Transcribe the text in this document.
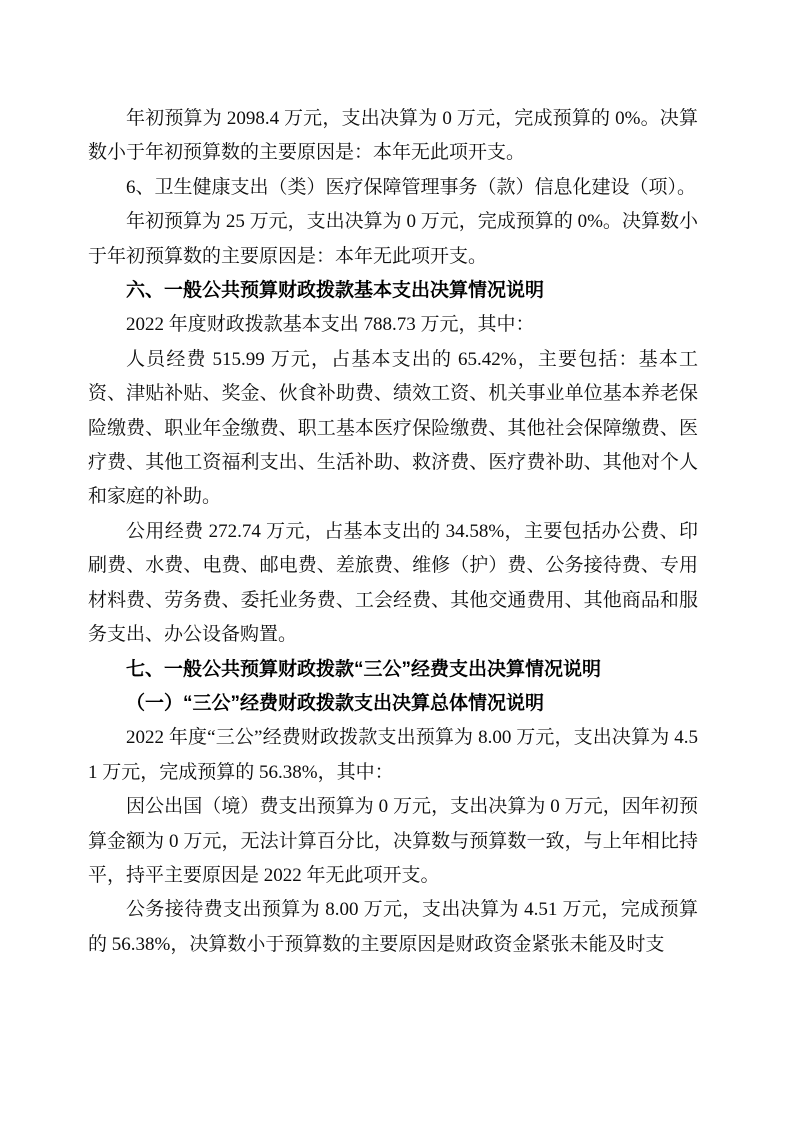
年初预算为 2098.4 万元，支出决算为 0 万元，完成预算的 0%。决算数小于年初预算数的主要原因是：本年无此项开支。

6、卫生健康支出（类）医疗保障管理事务（款）信息化建设（项）。

年初预算为 25 万元，支出决算为 0 万元，完成预算的 0%。决算数小于年初预算数的主要原因是：本年无此项开支。

六、一般公共预算财政拨款基本支出决算情况说明

2022 年度财政拨款基本支出 788.73 万元，其中：

人员经费 515.99 万元，占基本支出的 65.42%，主要包括：基本工资、津贴补贴、奖金、伙食补助费、绩效工资、机关事业单位基本养老保险缴费、职业年金缴费、职工基本医疗保险缴费、其他社会保障缴费、医疗费、其他工资福利支出、生活补助、救济费、医疗费补助、其他对个人和家庭的补助。

公用经费 272.74 万元，占基本支出的 34.58%，主要包括办公费、印刷费、水费、电费、邮电费、差旅费、维修（护）费、公务接待费、专用材料费、劳务费、委托业务费、工会经费、其他交通费用、其他商品和服务支出、办公设备购置。

七、一般公共预算财政拨款“三公”经费支出决算情况说明

（一）“三公”经费财政拨款支出决算总体情况说明

2022 年度“三公”经费财政拨款支出预算为 8.00 万元，支出决算为 4.51 万元，完成预算的 56.38%，其中：

因公出国（境）费支出预算为 0 万元，支出决算为 0 万元，因年初预算金额为 0 万元，无法计算百分比，决算数与预算数一致，与上年相比持平，持平主要原因是 2022 年无此项开支。

公务接待费支出预算为 8.00 万元，支出决算为 4.51 万元，完成预算的 56.38%，决算数小于预算数的主要原因是财政资金紧张未能及时支
